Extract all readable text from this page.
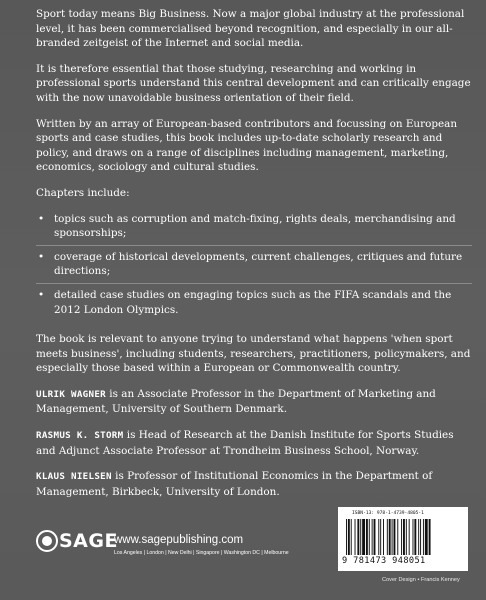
Sport today means Big Business. Now a major global industry at the professional level, it has been commercialised beyond recognition, and especially in our all-branded zeitgeist of the Internet and social media.

It is therefore essential that those studying, researching and working in professional sports understand this central development and can critically engage with the now unavoidable business orientation of their field.

Written by an array of European-based contributors and focussing on European sports and case studies, this book includes up-to-date scholarly research and policy, and draws on a range of disciplines including management, marketing, economics, sociology and cultural studies.

Chapters include:

• topics such as corruption and match-fixing, rights deals, merchandising and sponsorships;
• coverage of historical developments, current challenges, critiques and future directions;
• detailed case studies on engaging topics such as the FIFA scandals and the 2012 London Olympics.

The book is relevant to anyone trying to understand what happens 'when sport meets business', including students, researchers, practitioners, policymakers, and especially those based within a European or Commonwealth country.

ULRIK WAGNER is an Associate Professor in the Department of Marketing and Management, University of Southern Denmark.

RASMUS K. STORM is Head of Research at the Danish Institute for Sports Studies and Adjunct Associate Professor at Trondheim Business School, Norway.

KLAUS NIELSEN is Professor of Institutional Economics in the Department of Management, Birkbeck, University of London.

SAGE
www.sagepublishing.com
Los Angeles | London | New Delhi | Singapore | Washington DC | Melbourne
ISBN-13: 978-1-4739-4805-1
9 781473 948051
Cover Design • Francis Kenney
